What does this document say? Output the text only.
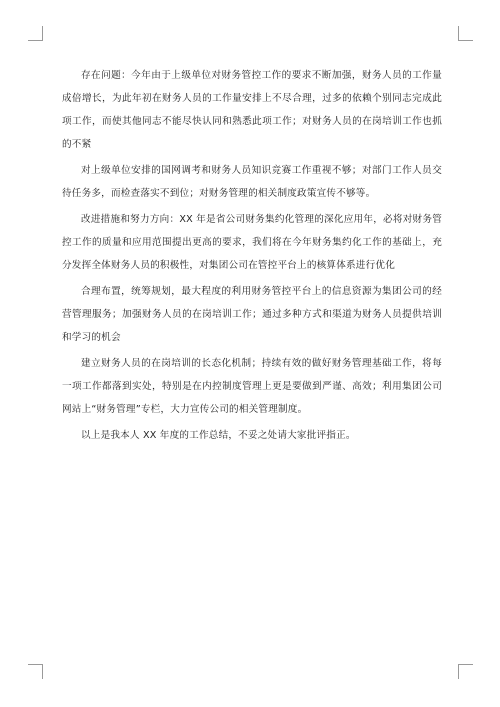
存在问题：今年由于上级单位对财务管控工作的要求不断加强，财务人员的工作量成倍增长，为此年初在财务人员的工作量安排上不尽合理，过多的依赖个别同志完成此项工作，而使其他同志不能尽快认同和熟悉此项工作；对财务人员的在岗培训工作也抓的不紧

对上级单位安排的国网调考和财务人员知识竞赛工作重视不够；对部门工作人员交待任务多，而检查落实不到位；对财务管理的相关制度政策宣传不够等。

改进措施和努力方向：XX 年是省公司财务集约化管理的深化应用年，必将对财务管控工作的质量和应用范围提出更高的要求，我们将在今年财务集约化工作的基础上，充分发挥全体财务人员的积极性，对集团公司在管控平台上的核算体系进行优化

合理布置，统筹规划，最大程度的利用财务管控平台上的信息资源为集团公司的经营管理服务；加强财务人员的在岗培训工作；通过多种方式和渠道为财务人员提供培训和学习的机会

建立财务人员的在岗培训的长态化机制；持续有效的做好财务管理基础工作，将每一项工作都落到实处，特别是在内控制度管理上更是要做到严谨、高效；利用集团公司网站上“财务管理”专栏，大力宣传公司的相关管理制度。

以上是我本人 XX 年度的工作总结，不妥之处请大家批评指正。
